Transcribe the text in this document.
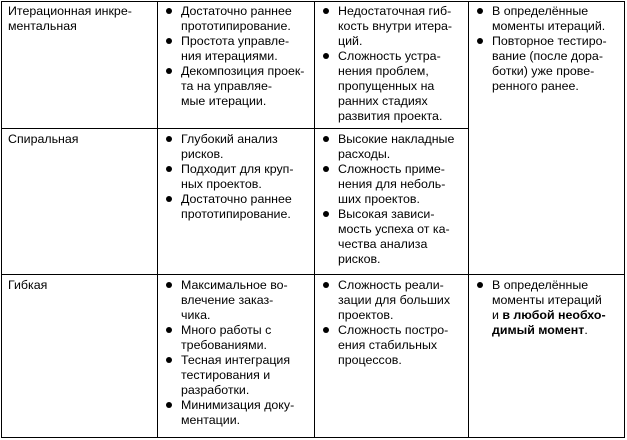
Итерационная инкре-
ментальная
Достаточно раннее
прототипирование.
Простота управле-
ния итерациями.
Декомпозиция проек-
та на управляе-
мые итерации.
Недостаточная гиб-
кость внутри итера-
ций.
Сложность устра-
нения проблем,
пропущенных на
ранних стадиях
развития проекта.
В определённые
моменты итераций.
Повторное тестиро-
вание (после дора-
ботки) уже прове-
ренного ранее.
Спиральная	Глубокий анализ
рисков.
Подходит для круп-
ных проектов.
Достаточно раннее
прототипирование.
Высокие накладные
расходы.
Сложность приме-
нения для неболь-
ших проектов.
Высокая зависи-
мость успеха от ка-
чества анализа
рисков.
Гибкая	Максимальное во-
влечение заказ-
чика.
Много работы с
требованиями.
Тесная интеграция
тестирования и
разработки.
Минимизация доку-
ментации.
Сложность реали-
зации для больших
проектов.
Сложность постро-
ения стабильных
процессов.
В определённые
моменты итераций
и в любой необхо-
димый момент.
